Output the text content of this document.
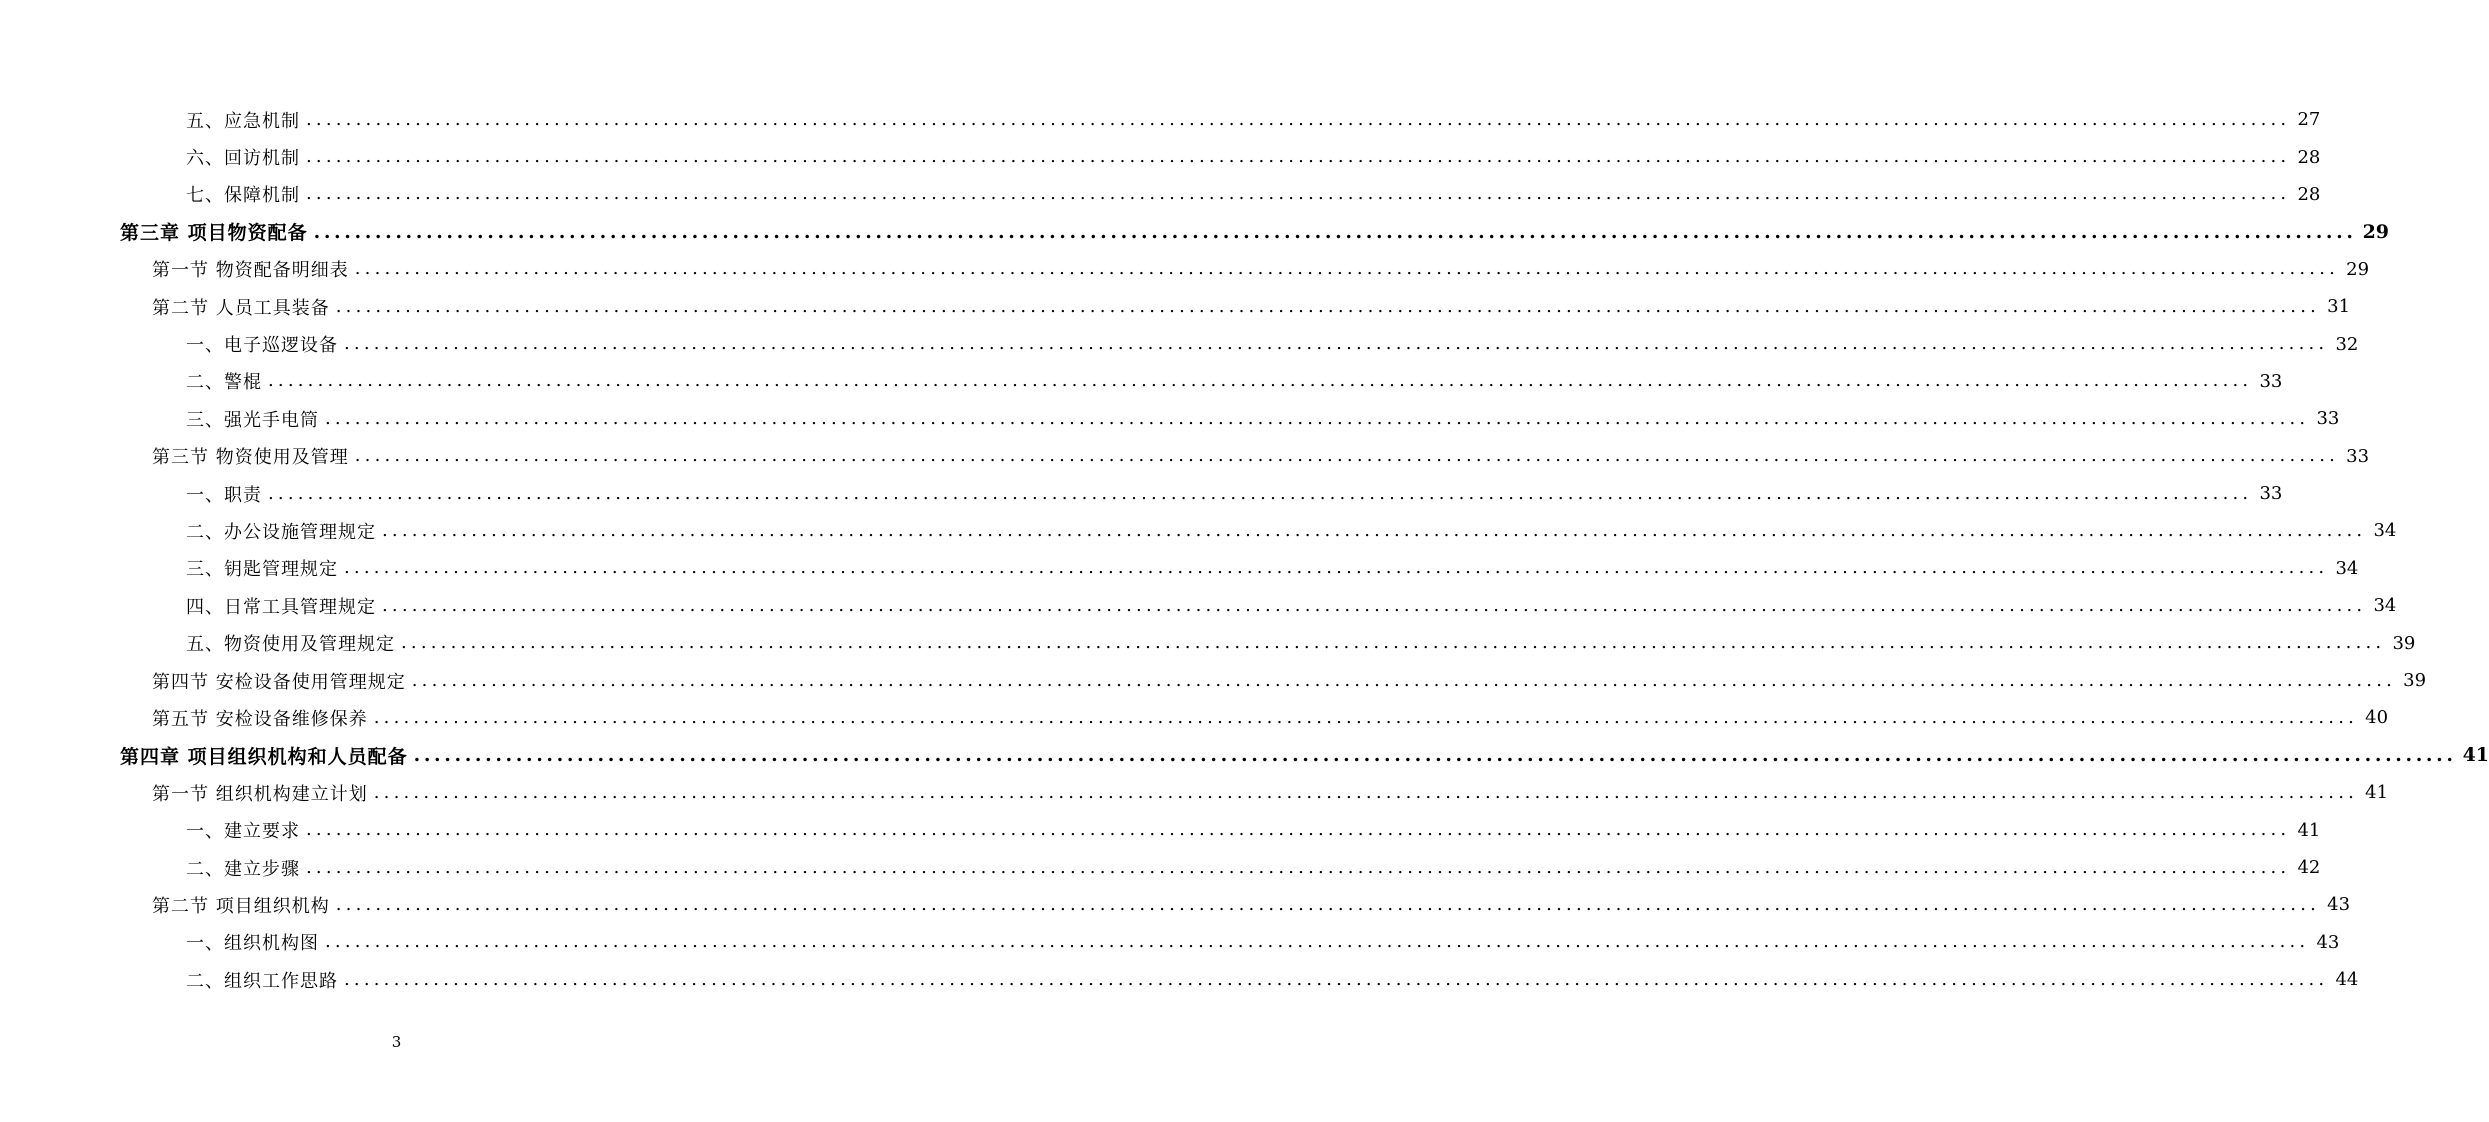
五、应急机制 ........................................................................................................................................................................................................ 27
六、回访机制 ........................................................................................................................................................................................................ 28
七、保障机制 ........................................................................................................................................................................................................ 28
第三章 项目物资配备 ........................................................................................................................................................................................................ 29
第一节 物资配备明细表 ........................................................................................................................................................................................................ 29
第二节 人员工具装备 ........................................................................................................................................................................................................ 31
一、电子巡逻设备 ........................................................................................................................................................................................................ 32
二、警棍 ........................................................................................................................................................................................................ 33
三、强光手电筒 ........................................................................................................................................................................................................ 33
第三节 物资使用及管理 ........................................................................................................................................................................................................ 33
一、职责 ........................................................................................................................................................................................................ 33
二、办公设施管理规定 ........................................................................................................................................................................................................ 34
三、钥匙管理规定 ........................................................................................................................................................................................................ 34
四、日常工具管理规定 ........................................................................................................................................................................................................ 34
五、物资使用及管理规定 ........................................................................................................................................................................................................ 39
第四节 安检设备使用管理规定 ........................................................................................................................................................................................................ 39
第五节 安检设备维修保养 ........................................................................................................................................................................................................ 40
第四章 项目组织机构和人员配备 ........................................................................................................................................................................................................ 41
第一节 组织机构建立计划 ........................................................................................................................................................................................................ 41
一、建立要求 ........................................................................................................................................................................................................ 41
二、建立步骤 ........................................................................................................................................................................................................ 42
第二节 项目组织机构 ........................................................................................................................................................................................................ 43
一、组织机构图 ........................................................................................................................................................................................................ 43
二、组织工作思路 ........................................................................................................................................................................................................ 44
3
